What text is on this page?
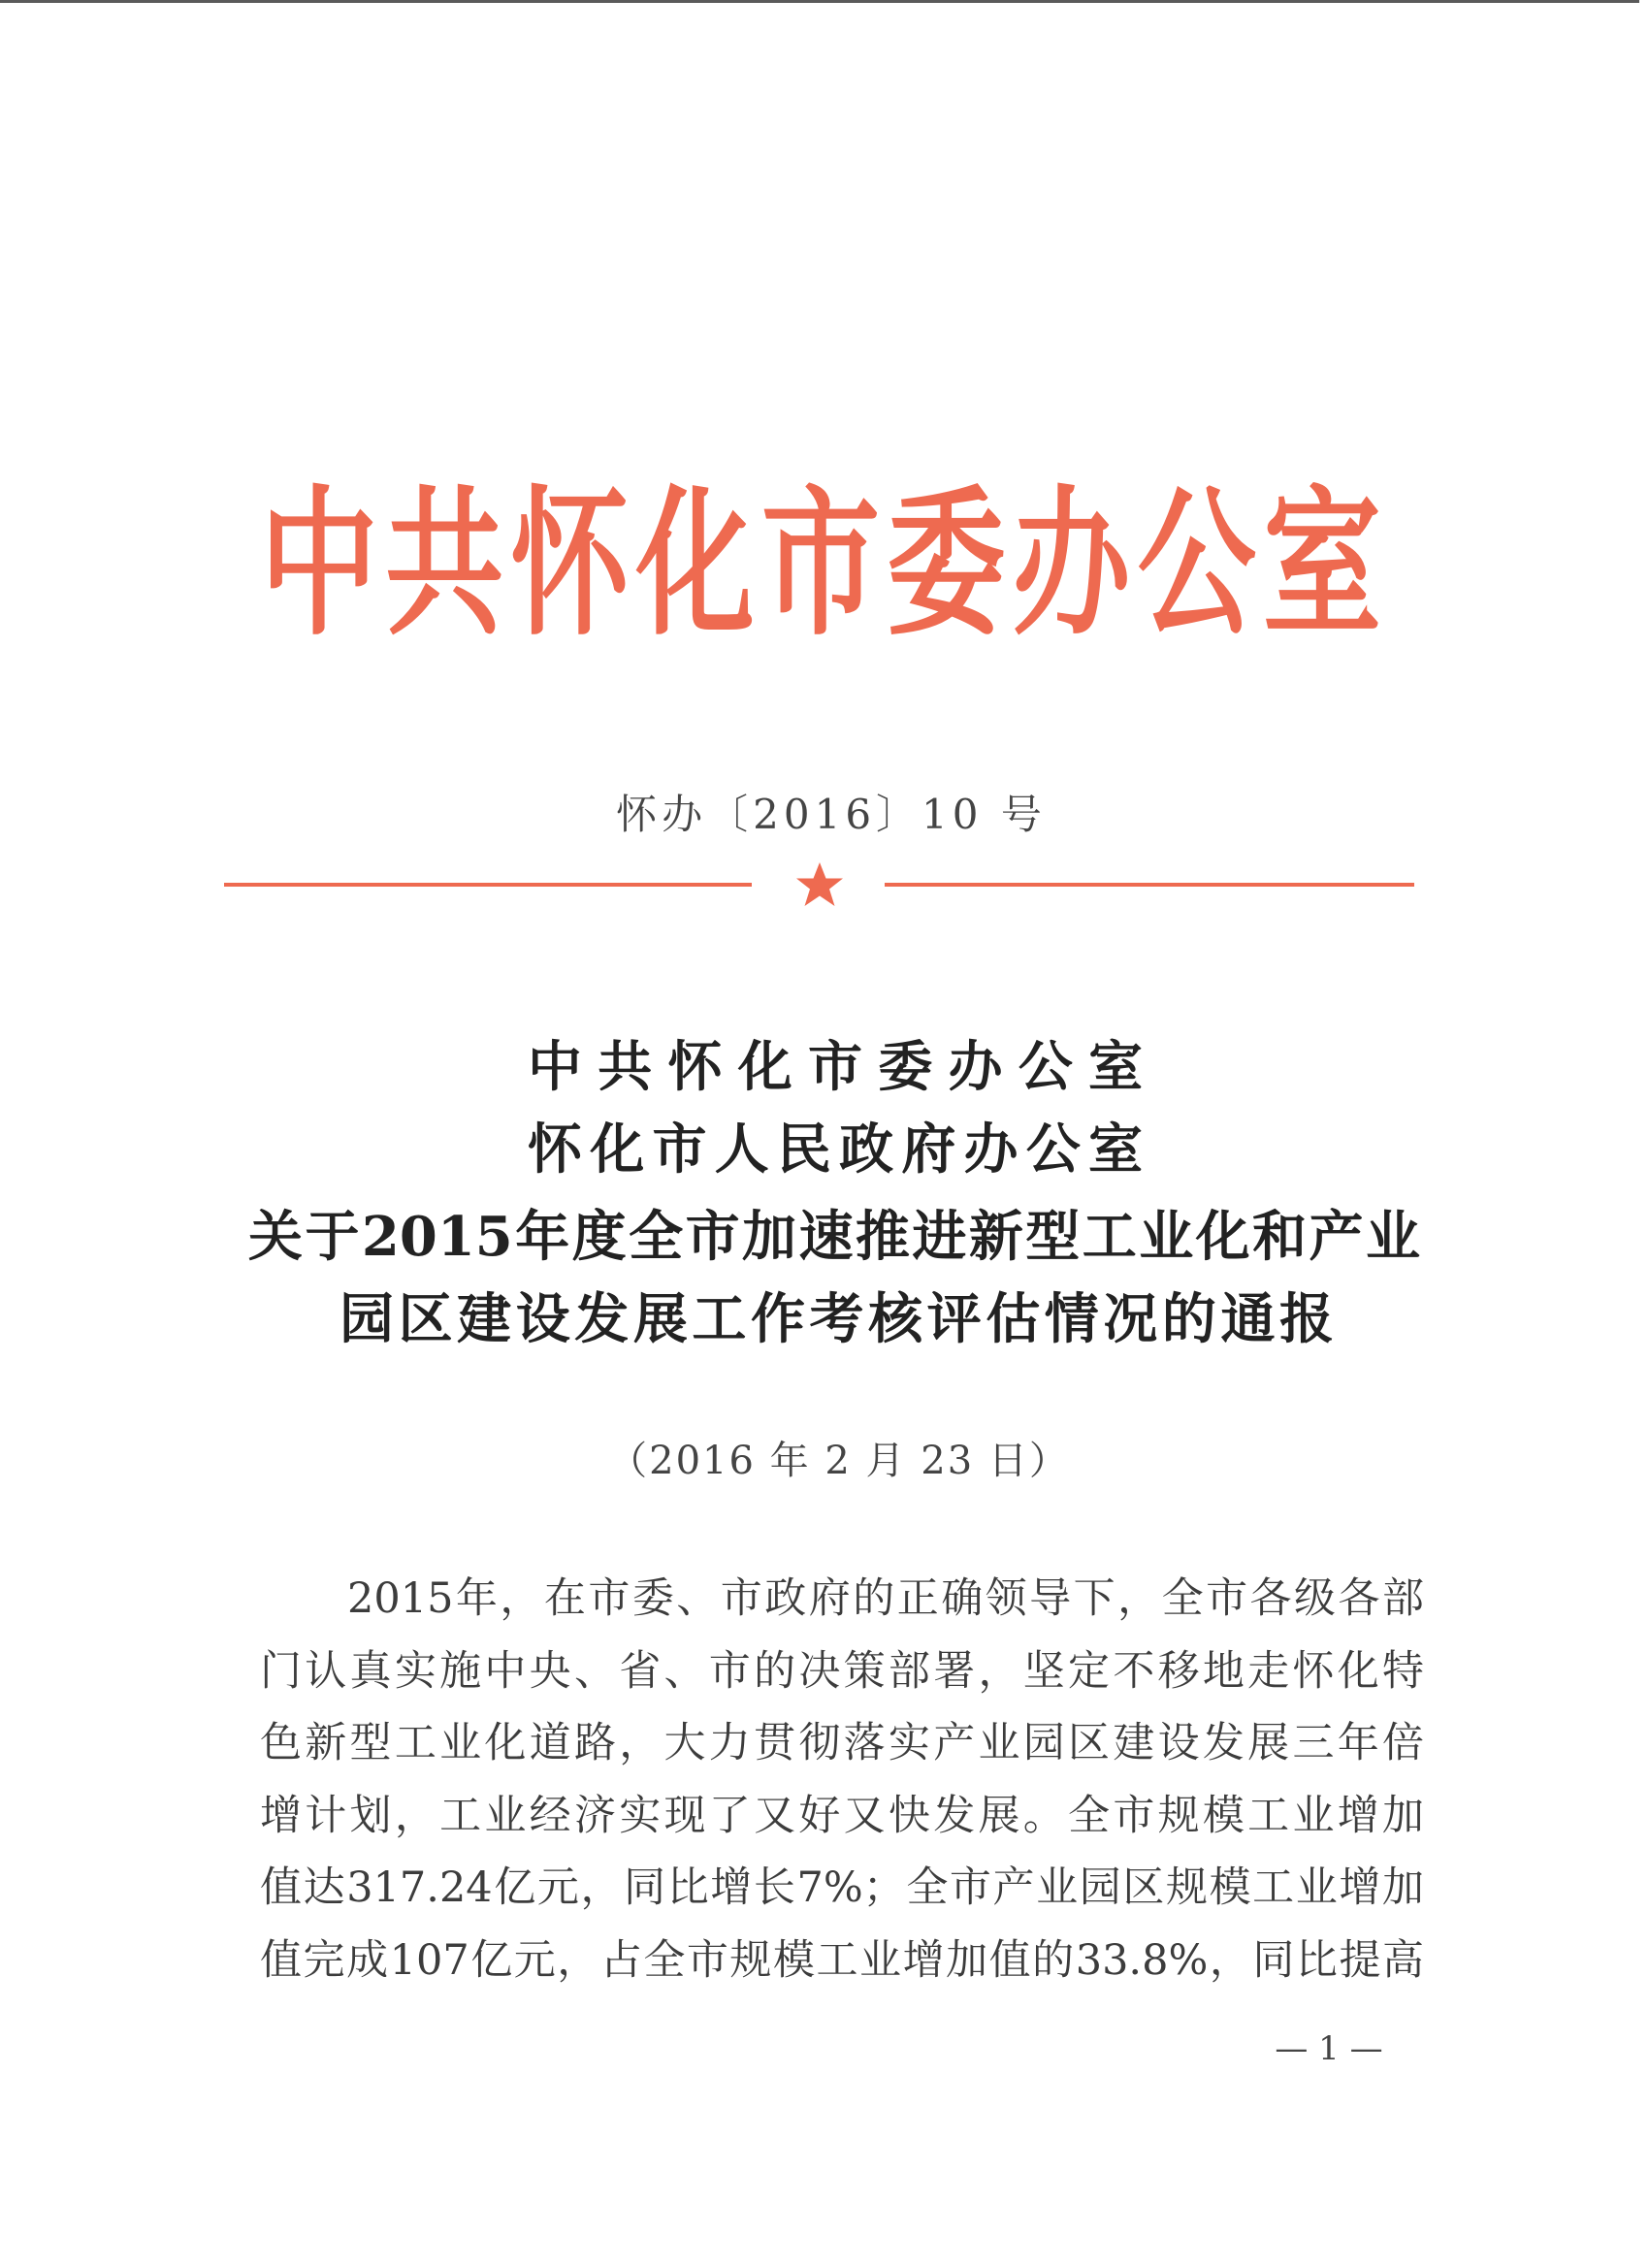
中共怀化市委办公室
怀办〔2016〕10 号
中共怀化市委办公室
怀化市人民政府办公室
关于2015年度全市加速推进新型工业化和产业
园区建设发展工作考核评估情况的通报
（2016 年 2 月 23 日）
2015年，在市委、市政府的正确领导下，全市各级各部
门认真实施中央、省、市的决策部署，坚定不移地走怀化特
色新型工业化道路，大力贯彻落实产业园区建设发展三年倍
增计划，工业经济实现了又好又快发展。全市规模工业增加
值达317.24亿元，同比增长7%；全市产业园区规模工业增加
值完成107亿元，占全市规模工业增加值的33.8%，同比提高
— 1 —
